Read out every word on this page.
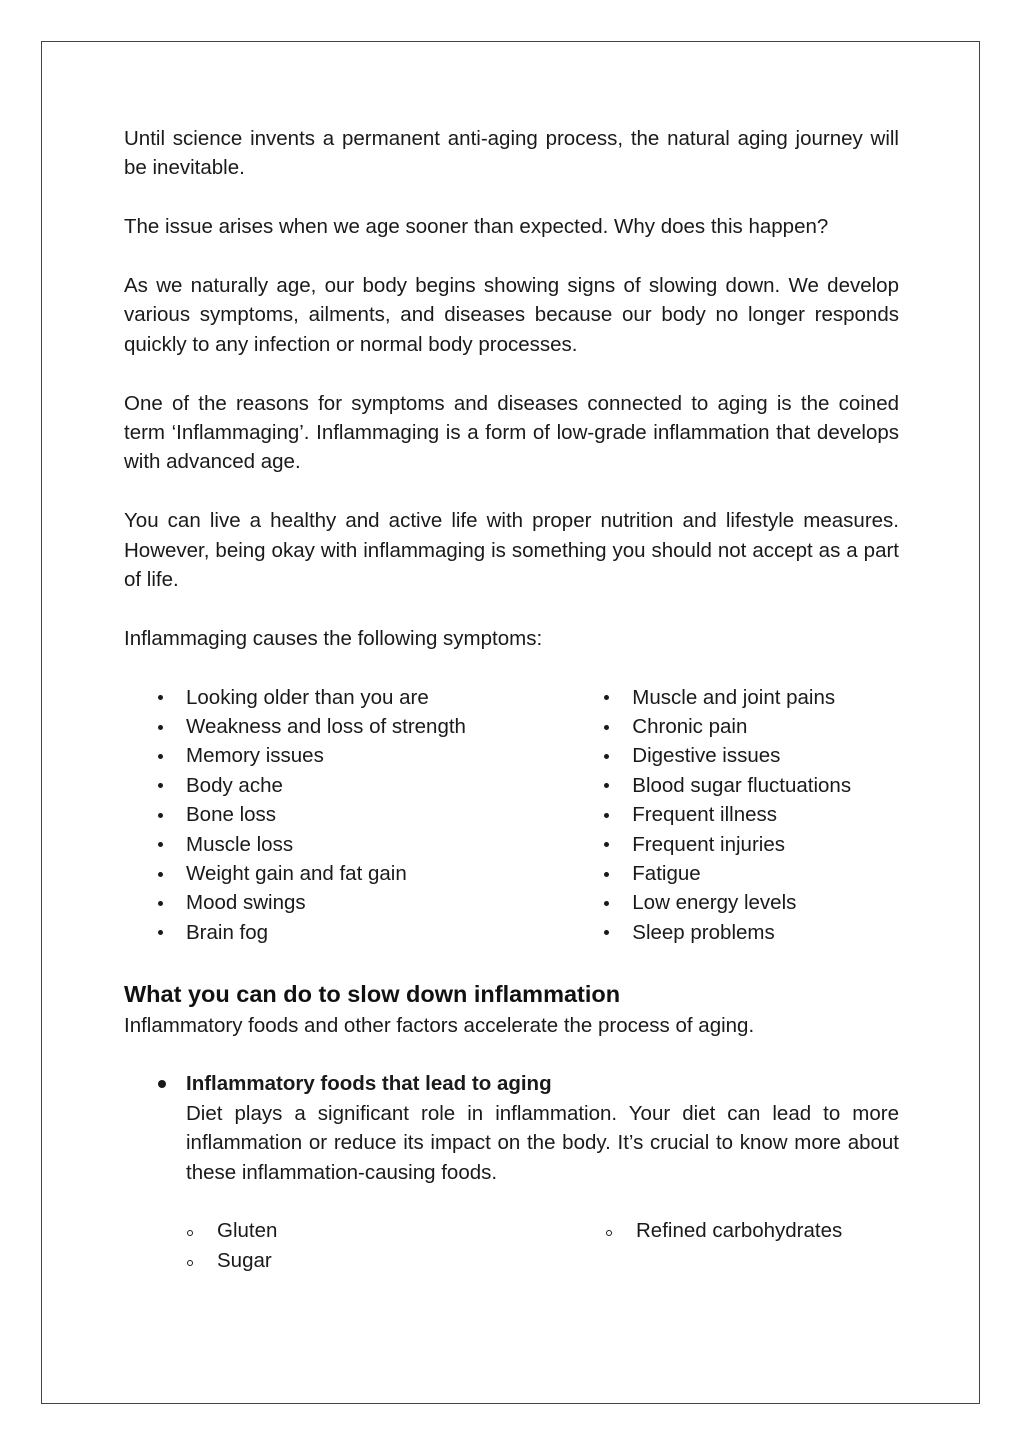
Until science invents a permanent anti-aging process, the natural aging journey will be inevitable.

The issue arises when we age sooner than expected. Why does this happen?

As we naturally age, our body begins showing signs of slowing down. We develop various symptoms, ailments, and diseases because our body no longer responds quickly to any infection or normal body processes.

One of the reasons for symptoms and diseases connected to aging is the coined term ‘Inflammaging’. Inflammaging is a form of low-grade inflammation that develops with advanced age.

You can live a healthy and active life with proper nutrition and lifestyle measures. However, being okay with inflammaging is something you should not accept as a part of life.

Inflammaging causes the following symptoms:

Looking older than you are
Weakness and loss of strength
Memory issues
Body ache
Bone loss
Muscle loss
Weight gain and fat gain
Mood swings
Brain fog
Muscle and joint pains
Chronic pain
Digestive issues
Blood sugar fluctuations
Frequent illness
Frequent injuries
Fatigue
Low energy levels
Sleep problems
What you can do to slow down inflammation

Inflammatory foods and other factors accelerate the process of aging.

Inflammatory foods that lead to aging
Diet plays a significant role in inflammation. Your diet can lead to more inflammation or reduce its impact on the body. It’s crucial to know more about these inflammation-causing foods.
Gluten
Sugar
Refined carbohydrates
